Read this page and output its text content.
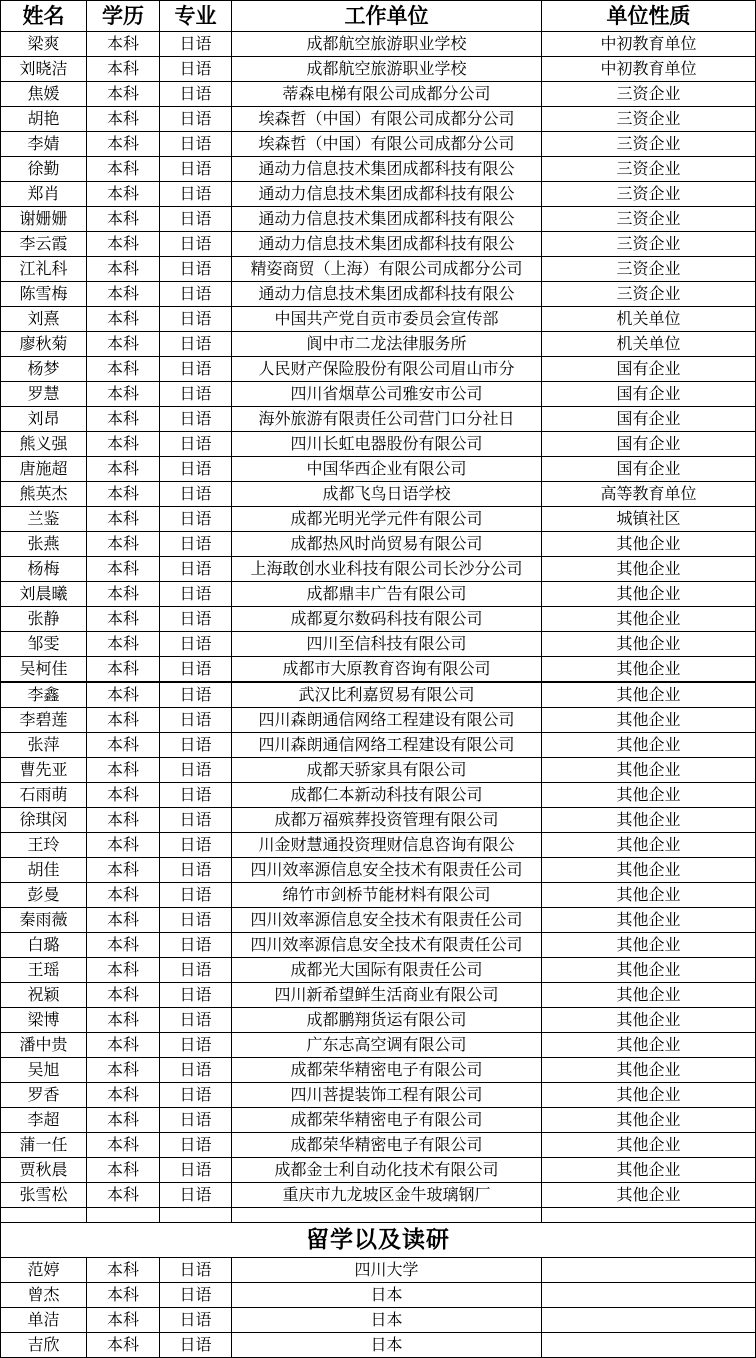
姓名	学历	专业	工作单位	单位性质
梁爽	本科	日语	成都航空旅游职业学校	中初教育单位
刘晓洁	本科	日语	成都航空旅游职业学校	中初教育单位
焦媛	本科	日语	蒂森电梯有限公司成都分公司	三资企业
胡艳	本科	日语	埃森哲（中国）有限公司成都分公司	三资企业
李婧	本科	日语	埃森哲（中国）有限公司成都分公司	三资企业
徐勤	本科	日语	通动力信息技术集团成都科技有限公	三资企业
郑肖	本科	日语	通动力信息技术集团成都科技有限公	三资企业
谢姗姗	本科	日语	通动力信息技术集团成都科技有限公	三资企业
李云霞	本科	日语	通动力信息技术集团成都科技有限公	三资企业
江礼科	本科	日语	精姿商贸（上海）有限公司成都分公司	三资企业
陈雪梅	本科	日语	通动力信息技术集团成都科技有限公	三资企业
刘熹	本科	日语	中国共产党自贡市委员会宣传部	机关单位
廖秋菊	本科	日语	阆中市二龙法律服务所	机关单位
杨梦	本科	日语	人民财产保险股份有限公司眉山市分	国有企业
罗慧	本科	日语	四川省烟草公司雅安市公司	国有企业
刘昂	本科	日语	海外旅游有限责任公司营门口分社日	国有企业
熊义强	本科	日语	四川长虹电器股份有限公司	国有企业
唐施超	本科	日语	中国华西企业有限公司	国有企业
熊英杰	本科	日语	成都飞鸟日语学校	高等教育单位
兰鉴	本科	日语	成都光明光学元件有限公司	城镇社区
张燕	本科	日语	成都热风时尚贸易有限公司	其他企业
杨梅	本科	日语	上海敢创水业科技有限公司长沙分公司	其他企业
刘晨曦	本科	日语	成都鼎丰广告有限公司	其他企业
张静	本科	日语	成都夏尔数码科技有限公司	其他企业
邹雯	本科	日语	四川至信科技有限公司	其他企业
吴柯佳	本科	日语	成都市大原教育咨询有限公司	其他企业
李鑫	本科	日语	武汉比利嘉贸易有限公司	其他企业
李碧莲	本科	日语	四川森朗通信网络工程建设有限公司	其他企业
张萍	本科	日语	四川森朗通信网络工程建设有限公司	其他企业
曹先亚	本科	日语	成都天骄家具有限公司	其他企业
石雨萌	本科	日语	成都仁本新动科技有限公司	其他企业
徐琪闵	本科	日语	成都万福殡葬投资管理有限公司	其他企业
王玲	本科	日语	川金财慧通投资理财信息咨询有限公	其他企业
胡佳	本科	日语	四川效率源信息安全技术有限责任公司	其他企业
彭曼	本科	日语	绵竹市剑桥节能材料有限公司	其他企业
秦雨薇	本科	日语	四川效率源信息安全技术有限责任公司	其他企业
白璐	本科	日语	四川效率源信息安全技术有限责任公司	其他企业
王瑶	本科	日语	成都光大国际有限责任公司	其他企业
祝颖	本科	日语	四川新希望鲜生活商业有限公司	其他企业
梁博	本科	日语	成都鹏翔货运有限公司	其他企业
潘中贵	本科	日语	广东志高空调有限公司	其他企业
吴旭	本科	日语	成都荣华精密电子有限公司	其他企业
罗香	本科	日语	四川菩提装饰工程有限公司	其他企业
李超	本科	日语	成都荣华精密电子有限公司	其他企业
蒲一任	本科	日语	成都荣华精密电子有限公司	其他企业
贾秋晨	本科	日语	成都金士利自动化技术有限公司	其他企业
张雪松	本科	日语	重庆市九龙坡区金牛玻璃钢厂	其他企业

留学以及读研				
范婷	本科	日语	四川大学	
曾杰	本科	日语	日本	
单洁	本科	日语	日本	
吉欣	本科	日语	日本	
